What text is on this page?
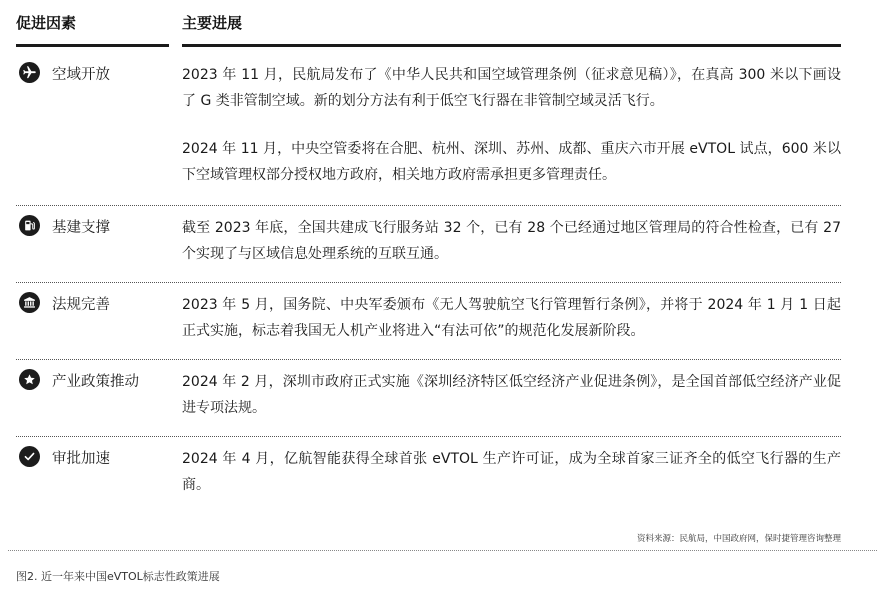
促进因素	主要进展
空域开放	2023 年 11 月，民航局发布了《中华人民共和国空域管理条例（征求意见稿）》，在真高 300 米以下画设了 G 类非管制空域。新的划分方法有利于低空飞行器在非管制空域灵活飞行。

2024 年 11 月，中央空管委将在合肥、杭州、深圳、苏州、成都、重庆六市开展 eVTOL 试点，600 米以下空域管理权部分授权地方政府，相关地方政府需承担更多管理责任。

基建支撑	截至 2023 年底，全国共建成飞行服务站 32 个，已有 28 个已经通过地区管理局的符合性检查，已有 27 个实现了与区域信息处理系统的互联互通。

法规完善	2023 年 5 月，国务院、中央军委颁布《无人驾驶航空飞行管理暂行条例》，并将于 2024 年 1 月 1 日起正式实施，标志着我国无人机产业将进入“有法可依”的规范化发展新阶段。

产业政策推动	2024 年 2 月，深圳市政府正式实施《深圳经济特区低空经济产业促进条例》，是全国首部低空经济产业促进专项法规。

审批加速	2024 年 4 月，亿航智能获得全球首张 eVTOL 生产许可证，成为全球首家三证齐全的低空飞行器的生产商。

资料来源：民航局，中国政府网，保时捷管理咨询整理
图2. 近一年来中国eVTOL标志性政策进展
